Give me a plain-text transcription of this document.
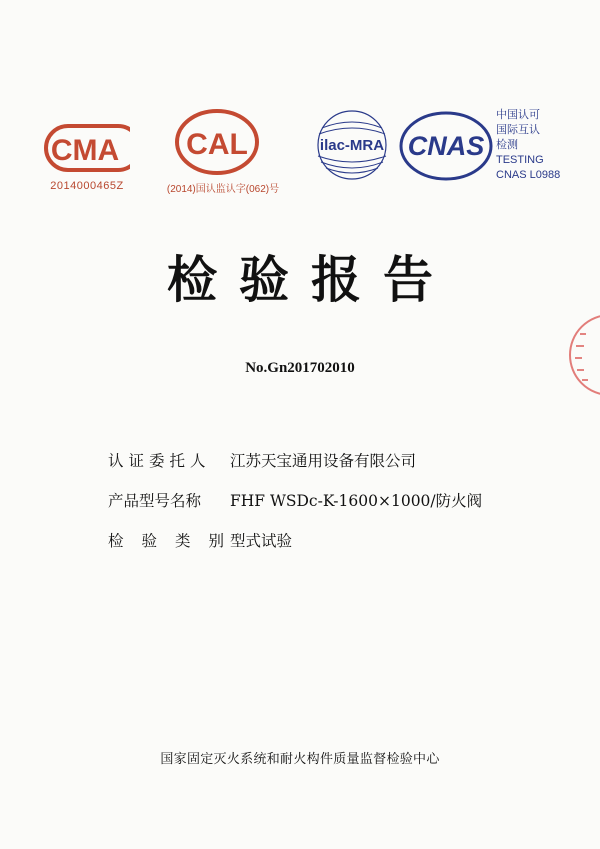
CMA
2014000465Z
CAL
(2014)国认监认字(062)号
ilac-MRA CNAS
中国认可
国际互认
检测
TESTING
CNAS L0988
检验报告
No.Gn201702010
认证委托人	江苏天宝通用设备有限公司
产品型号名称	FHF WSDc-K-1600×1000/防火阀
检验类别
型式试验
国家固定灭火系统和耐火构件质量监督检验中心
